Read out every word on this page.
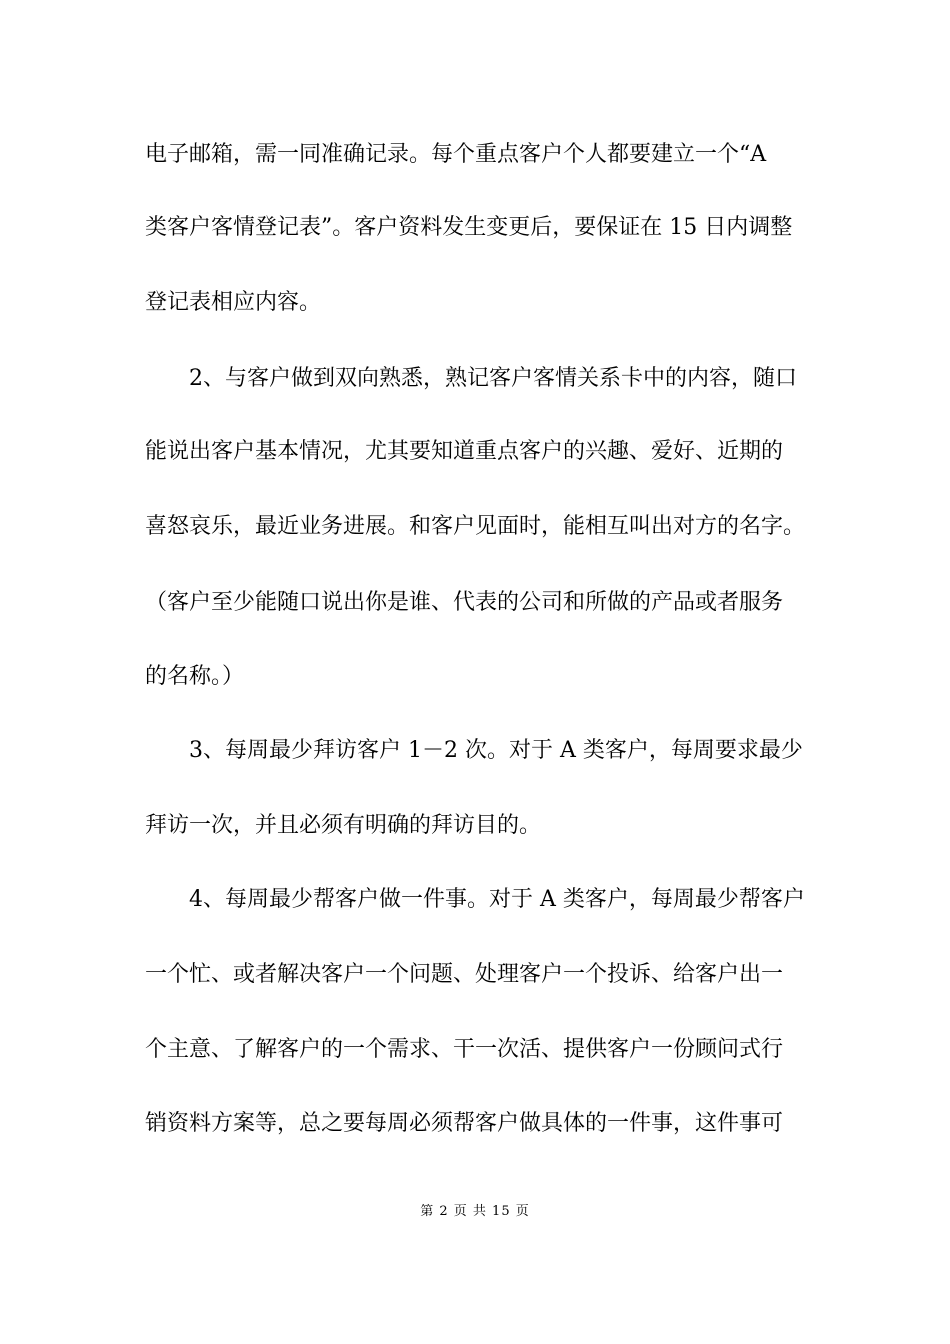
电子邮箱，需一同准确记录。每个重点客户个人都要建立一个“A
类客户客情登记表”。客户资料发生变更后，要保证在 15 日内调整
登记表相应内容。
2、与客户做到双向熟悉，熟记客户客情关系卡中的内容，随口
能说出客户基本情况，尤其要知道重点客户的兴趣、爱好、近期的
喜怒哀乐，最近业务进展。和客户见面时，能相互叫出对方的名字。
（客户至少能随口说出你是谁、代表的公司和所做的产品或者服务
的名称。）
3、每周最少拜访客户 1－2 次。对于 A 类客户，每周要求最少
拜访一次，并且必须有明确的拜访目的。
4、每周最少帮客户做一件事。对于 A 类客户，每周最少帮客户
一个忙、或者解决客户一个问题、处理客户一个投诉、给客户出一
个主意、了解客户的一个需求、干一次活、提供客户一份顾问式行
销资料方案等，总之要每周必须帮客户做具体的一件事，这件事可
第 2 页 共 15 页
